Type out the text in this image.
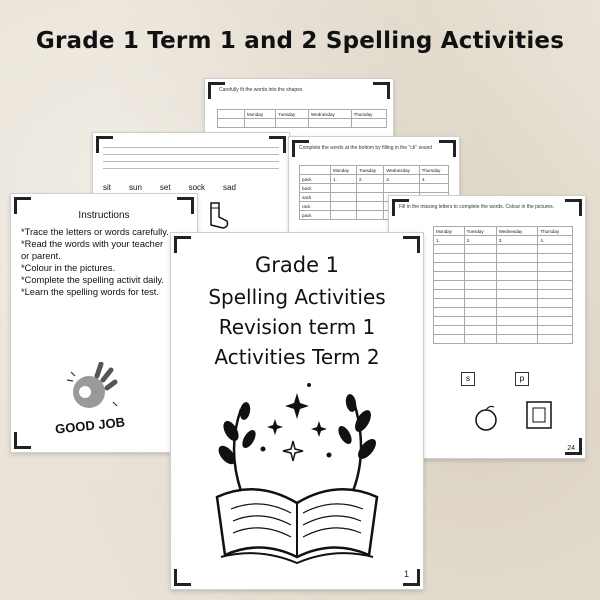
Grade 1 Term 1 and 2 Spelling Activities
Carefully fit the words into the shapes
	Monday	Tuesday	Wednesday	Thursday

sit sun set sock sad
Complete the words at the bottom by filling in the "ck" sound
	Monday	Tuesday	Wednesday	Thursday
pack	1.	2.	3.	4.
back				
sack				
rack				
pack				
Fill in the missing letters to complete the words. Colour in the pictures.
Monday	Tuesday	Wednesday	Thursday
1.	2.	3.	4.

s	p
24
Instructions
*Trace the letters or words carefully.
*Read the words with your teacher or parent.
*Colour in the pictures.
*Complete the spelling activit daily.
*Learn the spelling words for test.
GOOD JOB
Grade 1
Spelling Activities
Revision term 1
Activities Term 2
1
